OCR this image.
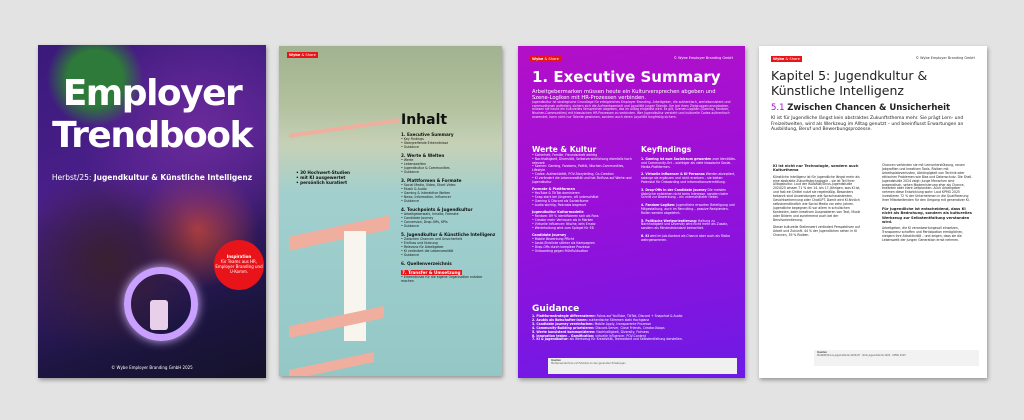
Employer
Trendbook
Herbst/25: Jugendkultur & Künstliche Intelligenz
Inspiration
für Teams aus HR, Employer Branding und U-Komm.
© Wybe Employer Branding GmbH 2025
Wybe & Share
• 30 Hochwert-Studien
• mit KI ausgewertet
• persönlich kuratiert
Inhalt
1. Executive Summary
• Key Findings
• Übergreifende Erkenntnisse
• Guidance
2. Werte & Welten
• Werte
• Lebenswelten
• Jugendkultur & Communities
• Guidance
3. Plattformen & Formate
• Social Media, Video, Short Video
• Musik & Audio
• Gaming & Interaktive Welten
• News, Information, Influencer
• Guidance
4. Touchpoints & Jugendkultur
• Arbeitgeberwahl, Inhalte, Formate
• Candidate Journey
• Conversion, Drop-Offs, KPIs
• Guidance
5. Jugendkultur & Künstliche Intelligenz
• Zwischen Chancen und Unsicherheit
• Einfluss und Nutzung
• Relevanz für Arbeitgeber
• KI verändert die Lebensrealität
• Guidance
6. Quellenverzeichnis
7. Transfer & Umsetzung
• Erkenntnisse für die eigene Organisation nutzbar machen
Wybe & Share	© Wybe Employer Branding GmbH
1. Executive Summary
Arbeitgebermarken müssen heute ein Kulturversprechen abgeben und Szene-Logiken mit HR-Prozessen verbinden.
Jugendkultur ist strategische Grundlage für erfolgreiches Employer Branding. Arbeitgeber, die authentisch, wertekonsistent und communitynah auftreten, sichern sich die Aufmerksamkeit und Loyalität junger Talente. Um bei ihren Zielgruppen anzudocken, müssen sie heute ein kulturelles Versprechen abgeben, das im Alltag eingelöst wird. Es gilt, Szenen-Logiken (Gaming, Fandom, Nischen-Communities) mit klassischen HR-Prozessen zu verbinden. Wer Jugendkultur versteht und kulturelle Codes authentisch anwendet, kann nicht nur Talente gewinnen, sondern auch deren Loyalität langfristig sichern.
Werte & Kultur
• Sicherheit, Familie, Freundschaft wichtig
• Nachhaltigkeit, Diversität, Selbstverwirklichung ebenfalls hoch relevant
• Szenen: Gaming, Fandoms, Politik, Nischen-Communities, Lifestyle
• Codes: Authentizität, POV-Storytelling, Co-Creation
• KI verändert die Lebensrealität und hat Einfluss auf Werte und Jugendkultur
Formate & Plattformen
• YouTube & TikTok dominieren
• Snap stark bei Jüngeren, oft unterschätzt
• Gaming & Discord als Sozialräume
• Audio wichtig, Podcasts begrenzt
Jugendkultur Kulturmodelle
• Fandom: 89 % identifizieren sich als Fans
• Creator mehr Vertrauen als in Marken
• Virtuelle Influencer: Nische, kein Ersatz
• Wertehaltung wird zum Spiegel für EB
Candidate Journey
• Mobile Bewerbung Pflicht
• Azubi-Einblicke stärker als Kampagnen
• Drop-Offs durch komplexe Prozesse
• Onboarding gegen Frühfluktuation
Keyfindings
1. Gaming ist zum Sozialraum geworden zum Identitäts- und Community-Ort – wichtiger als viele klassische Social-Media-Plattformen.
2. Virtuelle Influencer & KI-Personas Werden akzeptiert, solange sie ergänzen und nicht ersetzen – sie bieten Potenzial für Onboarding und Informationsvermittlung.
3. Drop-Offs in der Candidate Journey Die meisten Abbrüche entstehen nicht beim Interesse, sondern beim Schritt zur Bewerbung – ein unterschätzter Hebel.
4. Fandom-Logiken: Jugendliche erwarten Beteiligung und Mitgestaltung, auch im Recruiting – passive Rezipienten-Rollen werden abgelehnt.
5. Politische Werteorientierung: Haltung zu Nachhaltigkeit und Diversity wird nicht mehr als Zusatz, sondern als Mindeststandard betrachtet.
6. KI wird im Job-Kontext als Chance aber auch als Risiko wahrgenommen.
Guidance
1. Plattformstrategie differenzieren: Fokus auf YouTube, TikTok, Discord + Snapchat & Audio
2. Azubis als Botschafter:innen: authentische Stimmen statt Hochglanz
3. Candidate Journey vereinfachen: Mobile Apply, transparente Prozesse
4. Community-Building priorisieren: Discord-Server, Close Friends, Creator-Koops
5. Werte konsistent kommunizieren: Nachhaltigkeit, Diversity, Fairness
6. Innovation testen – Gamification: virtuelle Influencer, POV-Content
7. KI & Jugendkultur: als Werkzeug für Kreativität, Teamarbeit und Selbstentfaltung darstellen.
Quellen
Studienverzeichnis und Fußnoten zu den genannten Erhebungen
Wybe & Share	© Wybe Employer Branding GmbH
Kapitel 5: Jugendkultur & Künstliche Intelligenz
5.1 Zwischen Chancen & Unsicherheit
KI ist für Jugendliche längst kein abstraktes Zukunftsthema mehr. Sie prägt Lern- und Freizeitwelten, wird als Werkzeug im Alltag genutzt – und beeinflusst Erwartungen an Ausbildung, Beruf und Bewerbungsprozesse.
KI ist nicht nur Technologie, sondern auch Kulturthema

Künstliche Intelligenz ist für Jugendliche längst mehr als eine abstrakte Zukunftstechnologie – sie ist Teil ihrer Alltagskultur. Laut der IKANAWI/Sinus-Jugendstudie 2024/25 wissen 71 % der 14- bis 17-Jährigen, was KI ist, und fast ein Drittel nutzt sie regelmäßig. Besonders bekannt sind Anwendungen wie Sprachassistenten, Gesichtserkennung oder ChatGPT. Damit wird KI ähnlich selbstverständlich wie Social Media vor zehn Jahren. Jugendliche begegnen KI vor allem in schulischen Kontexten, beim kreativen Ausprobieren von Text, Musik oder Bildern und zunehmend auch bei der Berufsorientierung.

Dieser kulturelle Stellenwert verändert Perspektiven auf Arbeit und Zukunft. 44 % der Jugendlichen sehen in KI Chancen, 39 % Risiken.

Chancen verbinden sie mit Lernunterstützung, neuen Jobprofilen und kreativen Tools. Risiken mit Arbeitsplatzverlusten, Abhängigkeit von Technik oder ethischen Problemen wie Bias und Datenschutz. Die Shell-Jugendstudie 2024 zeigt: Junge Menschen sind pragmatisch, sehen Modernisierung eher als Chance, erwarten aber klare Leitplanken. Auch Arbeitgeber nehmen diese Entwicklung wahr: Laut KPMG 2025 investieren 72 % der Unternehmen in die Qualifizierung ihrer Mitarbeitenden für den Umgang mit generativer KI.

Für Jugendliche ist entscheidend, dass KI nicht als Bedrohung, sondern als kulturelles Werkzeug zur Selbstentfaltung verstanden wird.

Arbeitgeber, die KI verantwortungsvoll einsetzen, Transparenz schaffen und Partizipation ermöglichen, steigern ihre Attraktivität – und zeigen, dass sie die Lebenswelt der jungen Generation ernst nehmen.

Quellen
IKANAWI/Sinus-Jugendstudie 2024/25 · Shell-Jugendstudie 2024 · KPMG 2025
